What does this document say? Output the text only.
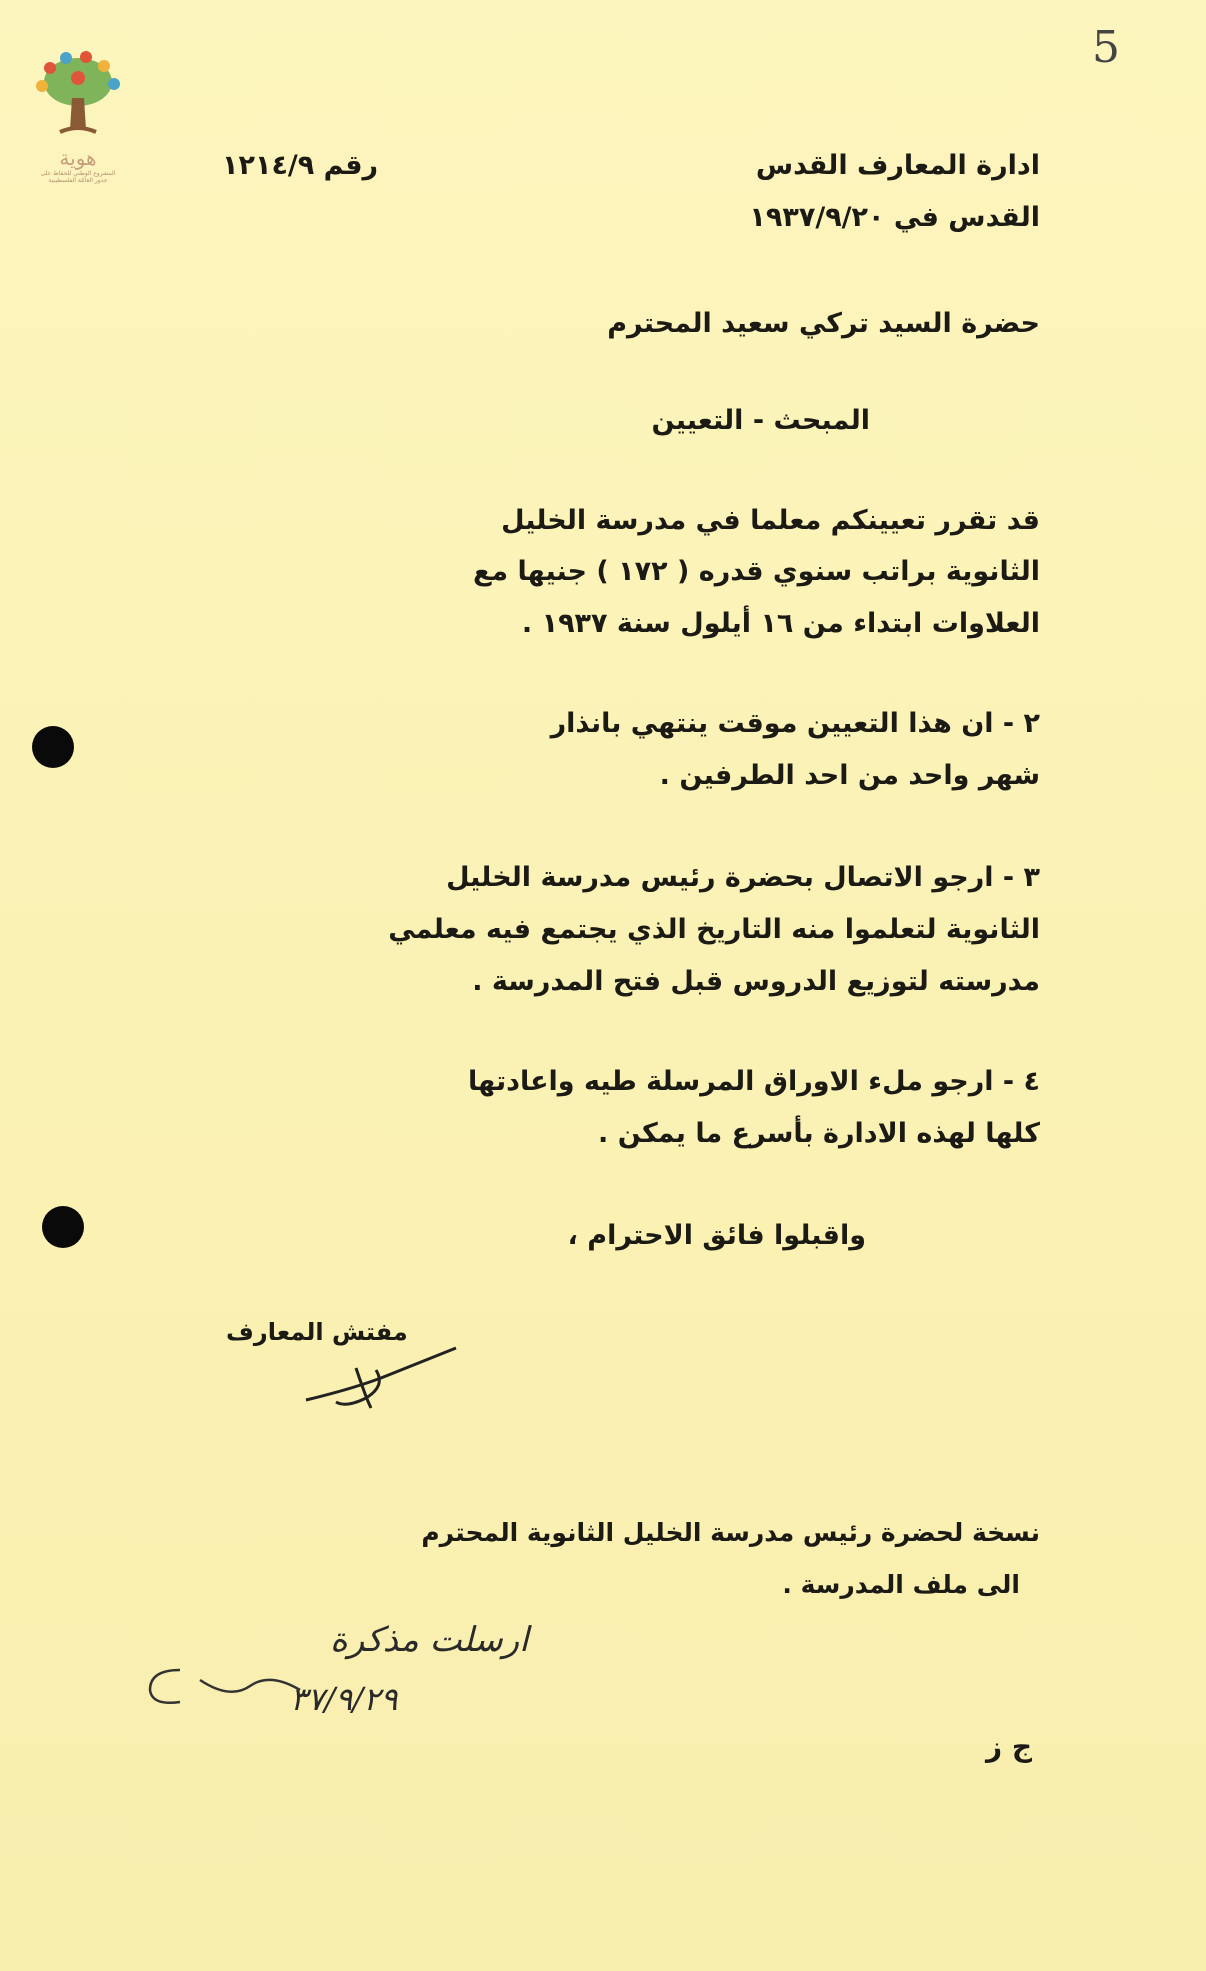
5
هوية
المشروع الوطني للحفاظ على
جذور العائلة الفلسطينية	رقم ١٢١٤/٩	ادارة المعارف القدس
القدس في ١٩٣٧/٩/٢٠
حضرة السيد تركي سعيد المحترم
المبحث - التعيين
قد تقرر تعيينكم معلما في مدرسة الخليل
الثانوية براتب سنوي قدره ( ١٧٢ ) جنيها مع
العلاوات ابتداء من ١٦ أيلول سنة ١٩٣٧ .
٢ - ان هذا التعيين موقت ينتهي بانذار
شهر واحد من احد الطرفين .
٣ - ارجو الاتصال بحضرة رئيس مدرسة الخليل
الثانوية لتعلموا منه التاريخ الذي يجتمع فيه معلمي
مدرسته لتوزيع الدروس قبل فتح المدرسة .
٤ - ارجو ملء الاوراق المرسلة طيه واعادتها
كلها لهذه الادارة بأسرع ما يمكن .
واقبلوا فائق الاحترام ،
مفتش المعارف
نسخة لحضرة رئيس مدرسة الخليل الثانوية المحترم
الى ملف المدرسة .
ارسلت مذكرة
٣٧/٩/٢٩
ج ز
